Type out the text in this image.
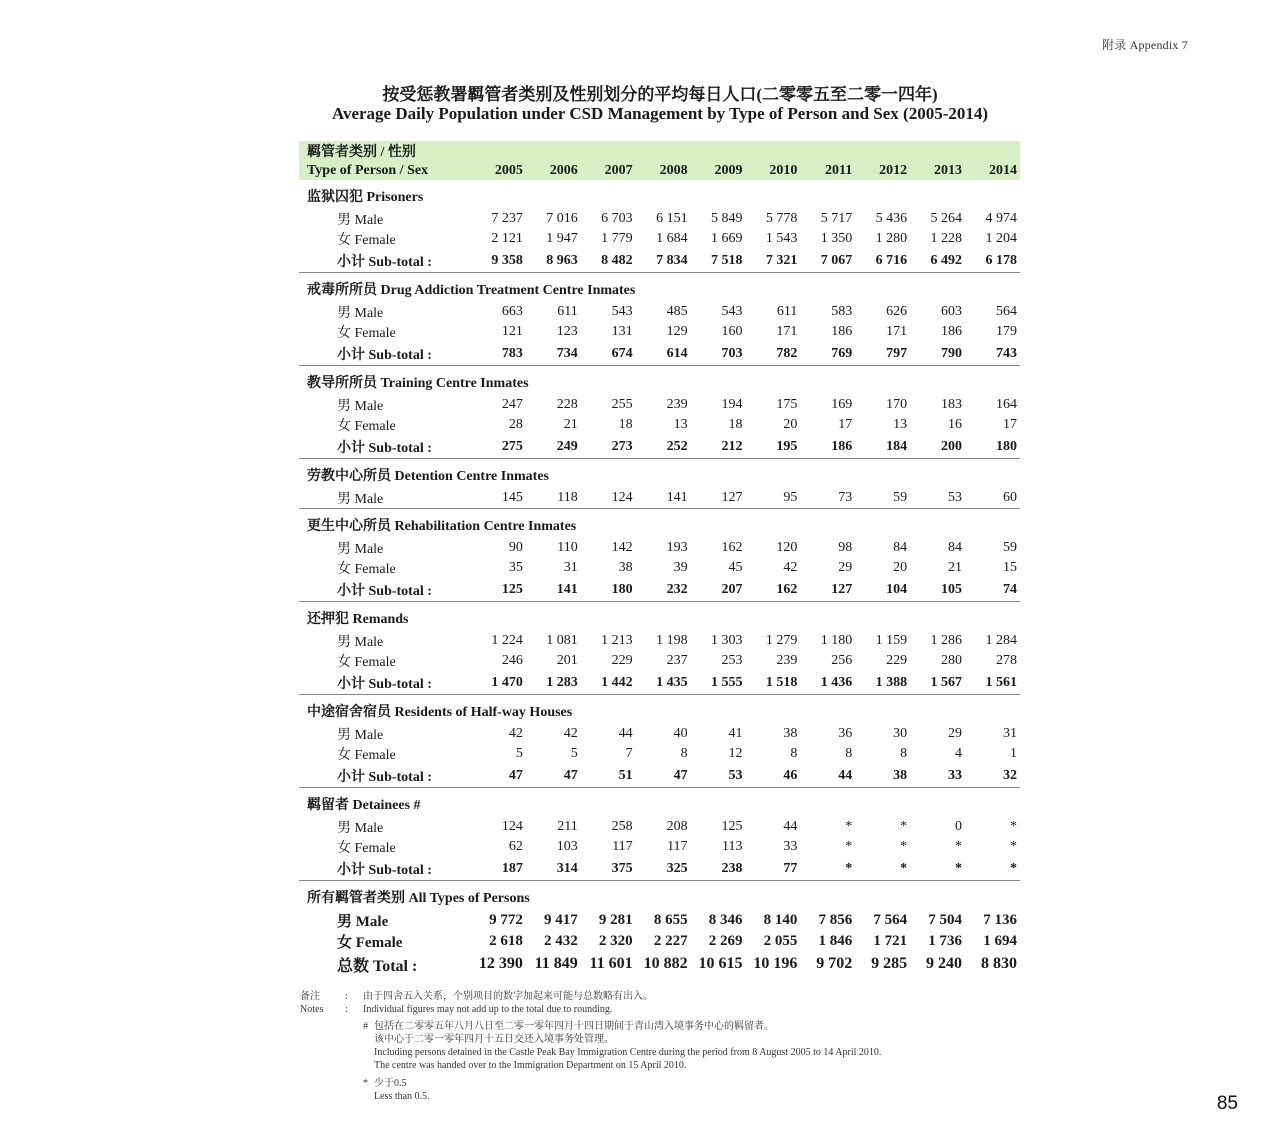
附录 Appendix 7
按受惩教署羁管者类别及性别划分的平均每日人口(二零零五至二零一四年)
Average Daily Population under CSD Management by Type of Person and Sex (2005-2014)
羁管者类别 / 性别										
Type of Person / Sex	2005	2006	2007	2008	2009	2010	2011	2012	2013	2014
监狱囚犯 Prisoners										
男 Male	7 237	7 016	6 703	6 151	5 849	5 778	5 717	5 436	5 264	4 974
女 Female	2 121	1 947	1 779	1 684	1 669	1 543	1 350	1 280	1 228	1 204
小计 Sub-total :	9 358	8 963	8 482	7 834	7 518	7 321	7 067	6 716	6 492	6 178
戒毒所所员 Drug Addiction Treatment Centre Inmates										
男 Male	663	611	543	485	543	611	583	626	603	564
女 Female	121	123	131	129	160	171	186	171	186	179
小计 Sub-total :	783	734	674	614	703	782	769	797	790	743
教导所所员 Training Centre Inmates										
男 Male	247	228	255	239	194	175	169	170	183	164
女 Female	28	21	18	13	18	20	17	13	16	17
小计 Sub-total :	275	249	273	252	212	195	186	184	200	180
劳教中心所员 Detention Centre Inmates										
男 Male	145	118	124	141	127	95	73	59	53	60
更生中心所员 Rehabilitation Centre Inmates										
男 Male	90	110	142	193	162	120	98	84	84	59
女 Female	35	31	38	39	45	42	29	20	21	15
小计 Sub-total :	125	141	180	232	207	162	127	104	105	74
还押犯 Remands										
男 Male	1 224	1 081	1 213	1 198	1 303	1 279	1 180	1 159	1 286	1 284
女 Female	246	201	229	237	253	239	256	229	280	278
小计 Sub-total :	1 470	1 283	1 442	1 435	1 555	1 518	1 436	1 388	1 567	1 561
中途宿舍宿员 Residents of Half-way Houses										
男 Male	42	42	44	40	41	38	36	30	29	31
女 Female	5	5	7	8	12	8	8	8	4	1
小计 Sub-total :	47	47	51	47	53	46	44	38	33	32
羁留者 Detainees #										
男 Male	124	211	258	208	125	44	*	*	0	*
女 Female	62	103	117	117	113	33	*	*	*	*
小计 Sub-total :	187	314	375	325	238	77	*	*	*	*
所有羁管者类别 All Types of Persons										
男 Male	9 772	9 417	9 281	8 655	8 346	8 140	7 856	7 564	7 504	7 136
女 Female	2 618	2 432	2 320	2 227	2 269	2 055	1 846	1 721	1 736	1 694
总数 Total :	12 390	11 849	11 601	10 882	10 615	10 196	9 702	9 285	9 240	8 830
备注	: 由于四舍五入关系，个别项目的数字加起来可能与总数略有出入。
Notes : Individual figures may not add up to the total due to rounding.
# 包括在二零零五年八月八日至二零一零年四月十四日期间于青山湾入境事务中心的羁留者。
该中心于二零一零年四月十五日交还入境事务处管理。
Including persons detained in the Castle Peak Bay Immigration Centre during the period from 8 August 2005 to 14 April 2010.
The centre was handed over to the Immigration Department on 15 April 2010.
* 少于0.5
Less than 0.5.	85
